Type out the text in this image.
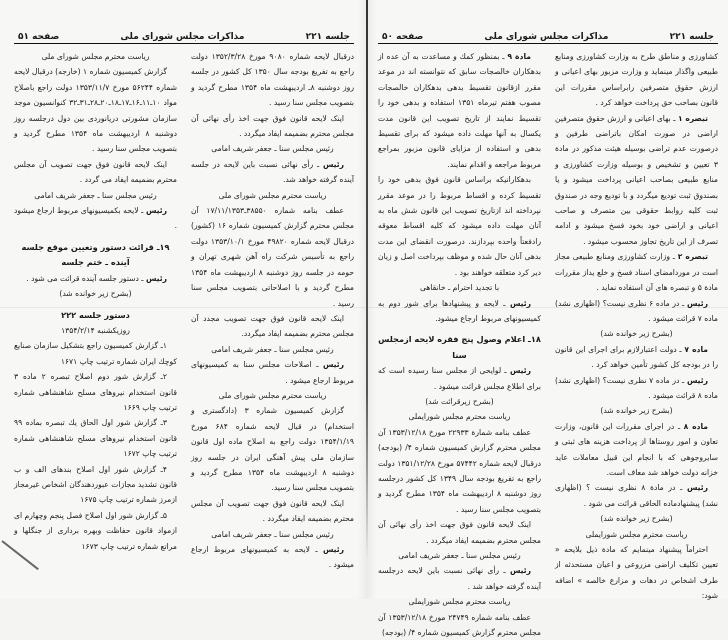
جلسه ۲۲۱
مذاکرات مجلس شورای ملی
صفحه ۵۱

درقبال لایحه شماره ۹۰۸۰ مورخ ۱۳۵۲/۳/۲۸ دولت راجع به تفریغ بودجه سال ۱۳۵۰ کل کشور در جلسه روز دوشنبه ۸ـ اردیبهشت ماه ۱۳۵۴ مطرح گردید و بتصویب مجلس سنا رسید .

اینک لایحه قانون فوق جهت اخذ رأی نهائی آن مجلس محترم بضمیمه ایفاد میگردد .

رئیس مجلس سنا ـ جعفر شریف امامی

رئیس ـ رأی نهائی نسبت باین لایحه در جلسه آینده گرفته خواهد شد.

ریاست محترم مجلس شورای ملی

عطف بنامه شماره ۳۸۵۵۰ـ۱۷/۱۱/۱۳۵۳ آن مجلس محترم گزارش کمیسیون شماره ۱۶ (کشور) درقبال لایحه شماره ۴۹۸۲۰ مورخ ۱۳۵۳/۱۰/۱ دولت راجع به تأسیس شرکت راه آهن شهری تهران و حومه در جلسه روز دوشنبه ۸ اردیبهشت ماه ۱۳۵۴ مطرح گردید و با اصلاحاتی بتصویب مجلس سنا رسید .

اینک لایحه قانون فوق جهت تصویب مجدد آن مجلس محترم بضمیمه ایفاد میگردد.

رئیس مجلس سنا ـ جعفر شریف امامی

رئیس ـ اصلاحات مجلس سنا به کمیسیونهای مربوط ارجاع میشود .

ریاست محترم مجلس شورای ملی

گزارش کمیسیون شماره ۳ (دادگستری و استخدام) در قبال لایحه شماره ۶۸۴ مورخ ۱۳۵۴/۱/۱۹ دولت راجع به اصلاح ماده اول قانون سازمان ملی پیش آهنگی ایران در جلسه روز دوشنبه ۸ اردیبهشت ماه ۱۳۵۴ مطرح گردید و بتصویب مجلس سنا رسید.

اینک لایحه قانون فوق جهت تصویب آن مجلس محترم بضمیمه ایفاد میگردد .

رئیس مجلس سنا ـ جعفر شریف امامی

رئیس ـ لایحه به کمیسیونهای مربوط ارجاع میشود .

ریاست محترم مجلس شورای ملی

گزارش کمیسیون شماره ۱ (خارجه) درقبال لایحه شماره ۵۶۲۴۴ مورخ ۱۳۵۳/۱۱/۷ دولت راجع باصلاح مواد ۱۰ـ۱۱ـ۱۶ـ۱۷ـ۱۸ـ۲۰ـ۲۸ـ۳۱ـ۳۲ کنوانسیون موجد سازمان مشورتی دریانوردی بین دول درجلسه روز دوشنبه ۸ اردیبهشت ماه ۱۳۵۴ مطرح گردید و بتصویب مجلس سنا رسید .

اینک لایحه قانون فوق جهت تصویب آن مجلس محترم بضمیمه ایفاد می گردد .

رئیس مجلس سنا ـ جعفر شریف امامی

رئیس ـ لایحه بکمیسیونهای مربوط ارجاع میشود .

۱۹ـ قرائت دستور وتعیین موقع جلسه آینده ـ ختم جلسه

رئیس ـ دستور جلسه آینده قرائت می شود .

(بشرح زیر خوانده شد)

دستور جلسه ۲۲۲

روزیکشنبه ۱۳۵۴/۲/۱۴

۱ـ گزارش کمیسیون راجع بتشکیل سازمان صنایع کوچك ایران شماره ترتیب چاپ ۱۶۷۱

۲ـ گزارش شور دوم اصلاح تبصره ۲ ماده ۳ قانون استخدام نیروهای مسلح شاهنشاهی شماره ترتیب چاپ ۱۶۶۹

۳ـ گزارش شور اول الحاق یك تبصره بماده ۹۹ قانون استخدام نیروهای مسلح شاهنشاهی شماره ترتیب چاپ ۱۶۷۲

۴ـ گزارش شور اول اصلاح بندهای الف و ب قانون تشدید مجازات عبوردهندگان اشخاص غیرمجاز ازمرز شماره ترتیب چاپ ۱۶۷۵

۵ـ گزارش شور اول اصلاح فصل پنجم وچهارم ای ازمواد قانون حفاظت وبهره برداری از جنگلها و مراتع شماره ترتیب چاپ ۱۶۷۳

جلسه ۲۲۱
مذاکرات مجلس شورای ملی
صفحه ۵۰

کشاورزی و مناطق طرح به وزارت کشاورزی ومنابع طبیعی واگذار مینماید و وزارت مزبور بهای اعیانی و ارزش حقوق متصرفین رابراساس مقررات این قانون بصاحب حق پرداخت خواهد کرد .

تبصره ۱ ـ بهای اعیانی و ارزش حقوق متصرفین اراضی در صورت امکان باتراضی طرفین و درصورت عدم تراضی بوسیله هیئت مذکور در مادة ۳ تعیین و تشخیص و بوسیله وزارت کشاورزی و منابع طبیعی بصاحب اعیانی پرداخت میشود و یا بصندوق ثبت تودیع میگردد و با تودیع وجه در صندوق ثبت کلیه روابط حقوقی بین متصرف و صاحب اعیانی و اراضی خود بخود فسخ میشود و ادامه تصرف از این تاریخ تجاوز محسوب میشود .

تبصره ۲ ـ وزارت کشاورزی ومنابع طبیعی مجاز است در موردامضای اسناد فسخ و خلع یداز مقررات مادة ۵ و تبصره های آن استفاده نماید .

رئیس ـ در ماده ۶ نظری نیست؟ (اظهاری نشد) ماده ۷ قرائت میشود .

(بشرح زیر خوانده شد)

ماده ۷ ـ دولت اعتبارلازم برای اجرای این قانون را در بودجه کل کشور تأمین خواهد کرد .

رئیس ـ در ماده ۷ نظری نیست؟ (اظهاری نشد) ماده ۸ قرائت میشود .

(بشرح زیر خوانده شد)

ماده ۸ ـ در اجرای مقررات این قانون، وزارت تعاون و امور روستاها از پرداخت هزینه های ثبتی و سایروجوهی که با انجام این قبیل معاملات عاید خزانه دولت خواهد شد معاف است.

رئیس ـ در مادة ۸ نظری نیست ؟ (اظهاری نشد) پیشنهادماده الحاقی قرائت می شود .

(بشرح زیر خوانده شد)

ریاست محترم مجلس شورایملی

احتراماً پیشنهاد مینمایم که مادة ذیل بلایحه « تعیین تکلیف اراضی مزروعی و اعیان مستحدثه از طرف اشخاص در دهات و مزارع خالصه » اضافه شود:

مادة ۹ ـ بمنظور کمك و مساعدت به آن عده از بدهکاران خالصجات سابق که نتوانسته اند در موعد مقرر ازقانون تقسیط بدهی بدهکاران خالصجات مصوب هفتم تیرماه ۱۳۵۱ استفاده و بدهی خود را تقسیط نمایند از تاریخ تصویب این قانون مدت یکسال به آنها مهلت داده میشود که برای تقسیط بدهی و استفاده از مزایای قانون مزبور بمراجع مربوط مراجعه و اقدام نمایند.

بدهکارانیکه براساس قانون فوق بدهی خود را تقسیط کرده و اقساط مربوط را در موعد مقرر نپرداخته اند ازتاریخ تصویب این قانون شش ماه به آنان مهلت داده میشود که کلیه اقساط معوقه رادفعتاً واحده بپردازند. درصورت انقضای این مدت بدهی آنان حال شده و موظف بپرداخت اصل و زیان دیر کرد متعلقه خواهند بود .

با تجدید احترام ـ خانقاهی

رئیس ـ لایحه و پیشنهادها برای شور دوم به کمیسیونهای مربوط ارجاع میشود.

۱۸ـ اعلام وصول پنج فقره لایحه ازمجلس سنا

رئیس ـ لوایحی از مجلس سنا رسیده است که برای اطلاع مجلس قرائت میشود .

(بشرح زیرقرائت شد)

ریاست محترم مجلس شورایملی

عطف بنامه شمارة ۲۲۹۳۳ مورخ ۱۳۵۳/۱۲/۱۸ آن مجلس محترم گزارش کمیسیون شماره ۴/ (بودجه) درقبال لایحه شماره ۵۷۴۴۲ مورخ ۱۳۵۱/۱۲/۲۸ دولت راجع به تفریغ بودجه سال ۱۳۴۹ کل کشور درجلسه روز دوشنبه ۸ اردیبهشت ماه ۱۳۵۴ مطرح گردید و بتصویب مجلس سنا رسید .

اینک لایحه قانون فوق جهت اخذ رأی نهائی آن مجلس محترم بضمیمه ایفاد میگردد .

رئیس مجلس سنا ـ جعفر شریف امامی

رئیس ـ رأی نهائی نسبت باین لایحه درجلسه آینده گرفته خواهد شد .

ریاست محترم مجلس شورایملی

عطف بنامه شماره ۲۴۷۴۹ مورخ ۱۳۵۳/۱۲/۱۸ آن مجلس محترم گزارش کمیسیون شماره ۴/ (بودجه)
